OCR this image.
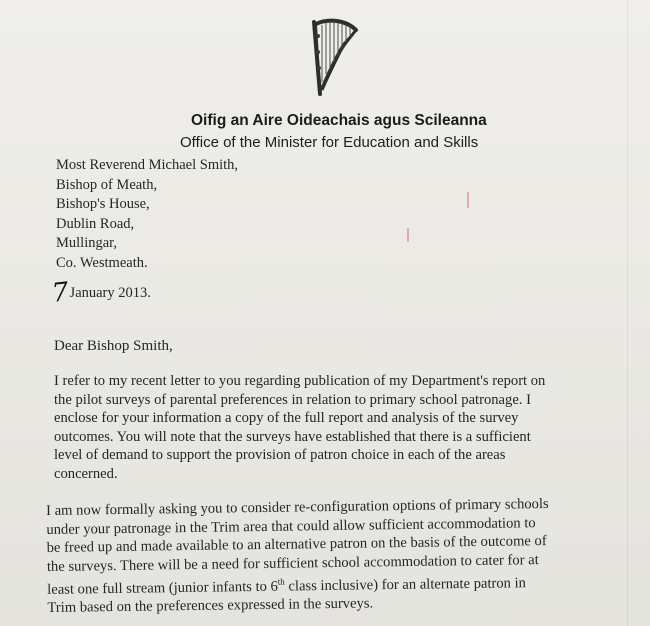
Oifig an Aire Oideachais agus Scileanna
Office of the Minister for Education and Skills
Most Reverend Michael Smith,
Bishop of Meath,
Bishop's House,
Dublin Road,
Mullingar,
Co. Westmeath.
7January 2013.
Dear Bishop Smith,
I refer to my recent letter to you regarding publication of my Department's report on
the pilot surveys of parental preferences in relation to primary school patronage. I
enclose for your information a copy of the full report and analysis of the survey
outcomes. You will note that the surveys have established that there is a sufficient
level of demand to support the provision of patron choice in each of the areas
concerned.
I am now formally asking you to consider re-configuration options of primary schools
under your patronage in the Trim area that could allow sufficient accommodation to
be freed up and made available to an alternative patron on the basis of the outcome of
the surveys. There will be a need for sufficient school accommodation to cater for at
least one full stream (junior infants to 6th class inclusive) for an alternate patron in
Trim based on the preferences expressed in the surveys.
